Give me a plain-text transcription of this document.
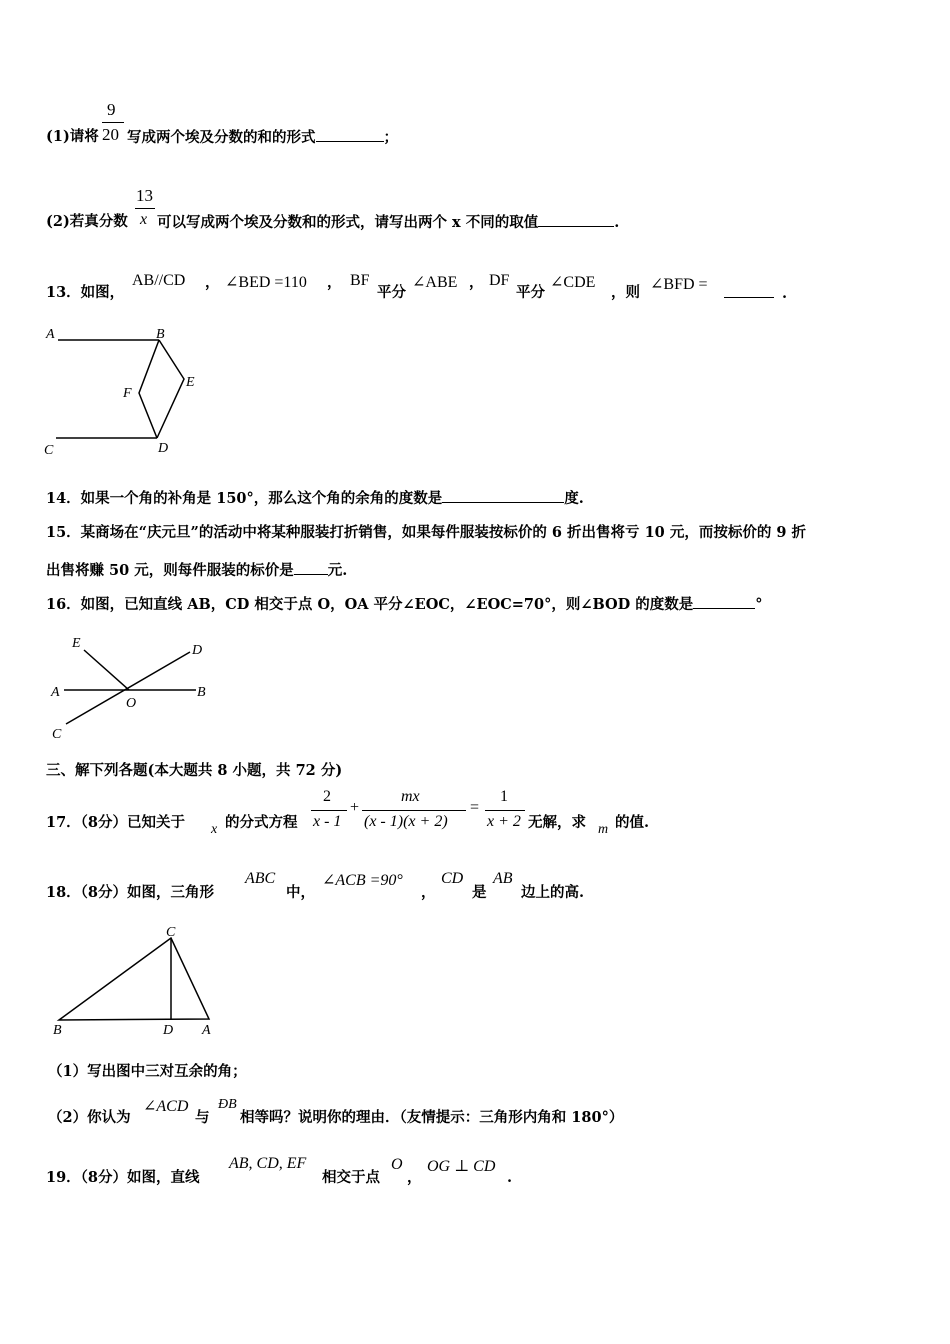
9
20
(1)请将 写成两个埃及分数的和的形式	；
13
x
(2)若真分数 可以写成两个埃及分数和的形式，请写出两个 x 不同的取值	.
13．如图，
AB//CD ， ∠BED =110 ， BF
平分
∠ABE ， DF
平分
∠CDE
，则 ∠BFD =
.
A	B
E
F
C	D
14．如果一个角的补角是 150°，那么这个角的余角的度数是	度.
15．某商场在“庆元旦”的活动中将某种服装打折销售，如果每件服装按标价的 6 折出售将亏 10 元，而按标价的 9 折
出售将赚 50 元，则每件服装的标价是 元.
16．如图，已知直线 AB，CD 相交于点 O，OA 平分∠EOC，∠EOC=70°，则∠BOD 的度数是	°
E	D
A	B
O
C
三、解下列各题(本大题共 8 小题，共 72 分)
17．（8分）已知关于 x 的分式方程
2
x - 1
+
mx
(x - 1)(x + 2)
=
1
x + 2 无解，求 m 的值.
18．（8分）如图，三角形
ABC
中，
∠ACB =90°
，
CD
是
AB
边上的高.
C
B	D A
（1）写出图中三对互余的角；
（2）你认为
∠ACD
与
ÐB
相等吗？说明你的理由．（友情提示：三角形内角和 180°）
19．（8分）如图，直线
AB, CD, EF
相交于点
O
，
OG ⊥ CD
.
